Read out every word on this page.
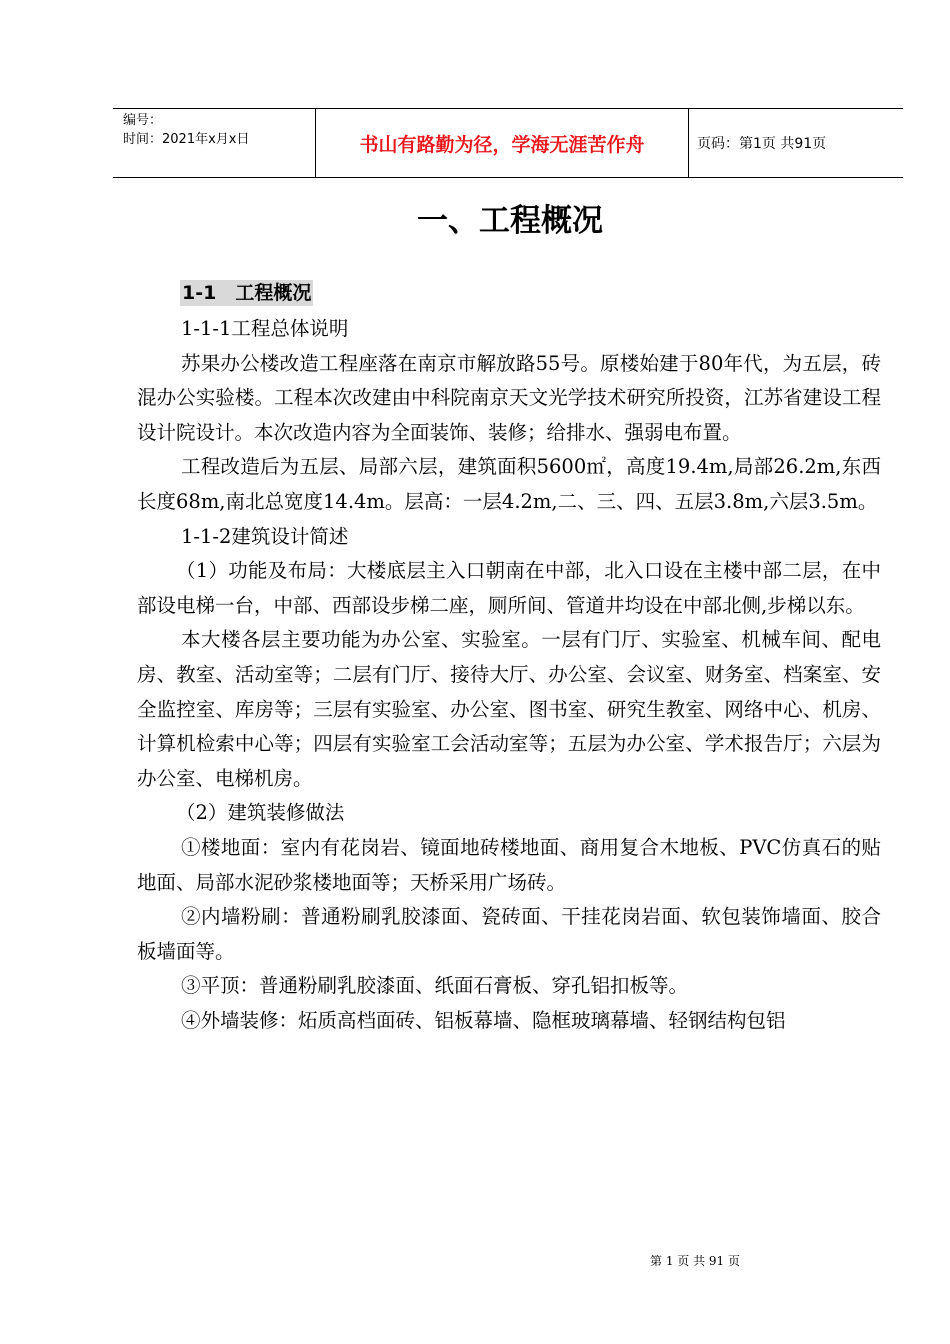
编号：
时间：2021年x月x日	书山有路勤为径，学海无涯苦作舟	页码：第1页 共91页
一、工程概况
1-1　工程概况

1-1-1工程总体说明

苏果办公楼改造工程座落在南京市解放路55号。原楼始建于80年代，为五层，砖混办公实验楼。工程本次改建由中科院南京天文光学技术研究所投资，江苏省建设工程设计院设计。本次改造内容为全面装饰、装修；给排水、强弱电布置。

工程改造后为五层、局部六层，建筑面积5600㎡，高度19.4m,局部26.2m,东西长度68m,南北总宽度14.4m。层高：一层4.2m,二、三、四、五层3.8m,六层3.5m。

1-1-2建筑设计简述

（1）功能及布局：大楼底层主入口朝南在中部，北入口设在主楼中部二层，在中部设电梯一台，中部、西部设步梯二座，厕所间、管道井均设在中部北侧,步梯以东。

本大楼各层主要功能为办公室、实验室。一层有门厅、实验室、机械车间、配电房、教室、活动室等；二层有门厅、接待大厅、办公室、会议室、财务室、档案室、安全监控室、库房等；三层有实验室、办公室、图书室、研究生教室、网络中心、机房、计算机检索中心等；四层有实验室工会活动室等；五层为办公室、学术报告厅；六层为办公室、电梯机房。

（2）建筑装修做法

①楼地面：室内有花岗岩、镜面地砖楼地面、商用复合木地板、PVC仿真石的贴地面、局部水泥砂浆楼地面等；天桥采用广场砖。

②内墙粉刷：普通粉刷乳胶漆面、瓷砖面、干挂花岗岩面、软包装饰墙面、胶合板墙面等。

③平顶：普通粉刷乳胶漆面、纸面石膏板、穿孔铝扣板等。

④外墙装修：炻质高档面砖、铝板幕墙、隐框玻璃幕墙、轻钢结构包铝

第 1 页 共 91 页
